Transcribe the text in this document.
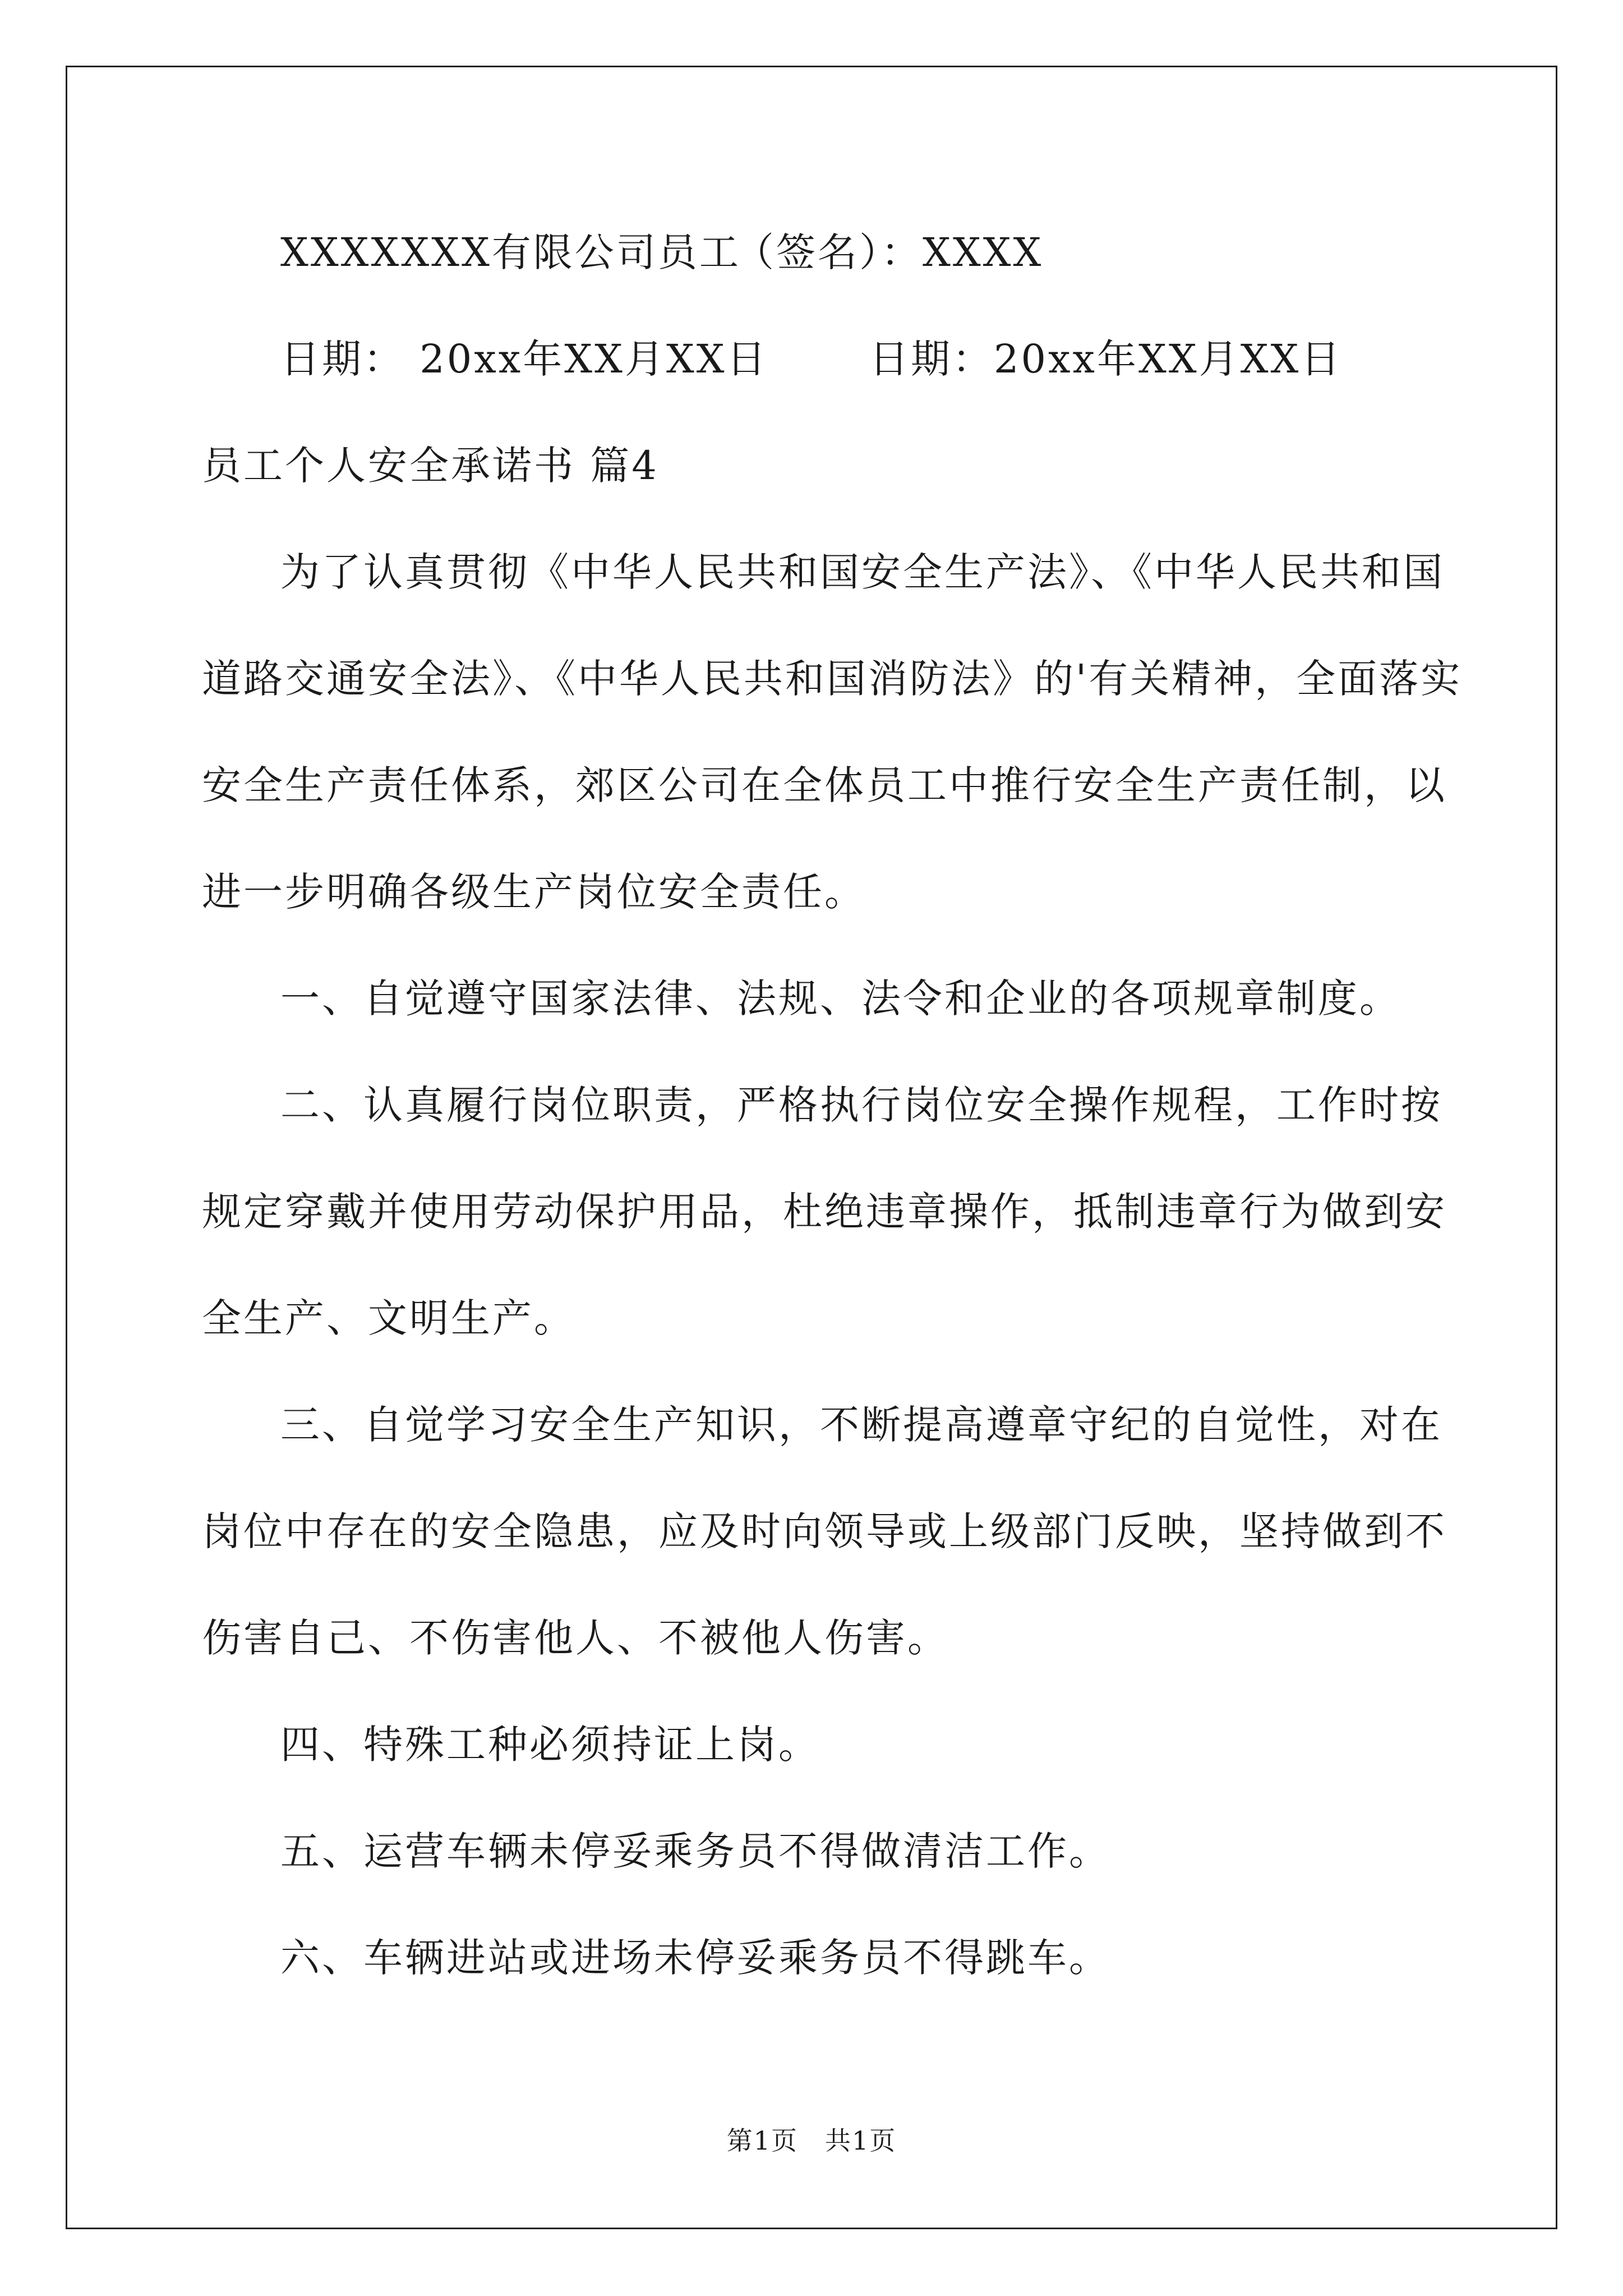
XXXXXXX有限公司员工
（签名）：XXXX
日期： 20xx年XX月XX日	日期：20xx年XX月XX日
员工个人安全承诺书 篇4
为了认真贯彻《中华人民共和国安全生产法》、《中华人民共和国
道路交通安全法》、《中华人民共和国消防法》的'有关精神，全面落实
安全生产责任体系，郊区公司在全体员工中推行安全生产责任制，以
进一步明确各级生产岗位安全责任。
一、自觉遵守国家法律、法规、法令和企业的各项规章制度。
二、认真履行岗位职责，严格执行岗位安全操作规程，工作时按
规定穿戴并使用劳动保护用品，杜绝违章操作，抵制违章行为做到安
全生产、文明生产。
三、自觉学习安全生产知识，不断提高遵章守纪的自觉性，对在
岗位中存在的安全隐患，应及时向领导或上级部门反映，坚持做到不
伤害自己、不伤害他人、不被他人伤害。
四、特殊工种必须持证上岗。
五、运营车辆未停妥乘务员不得做清洁工作。
六、车辆进站或进场未停妥乘务员不得跳车。
第1页　共1页
